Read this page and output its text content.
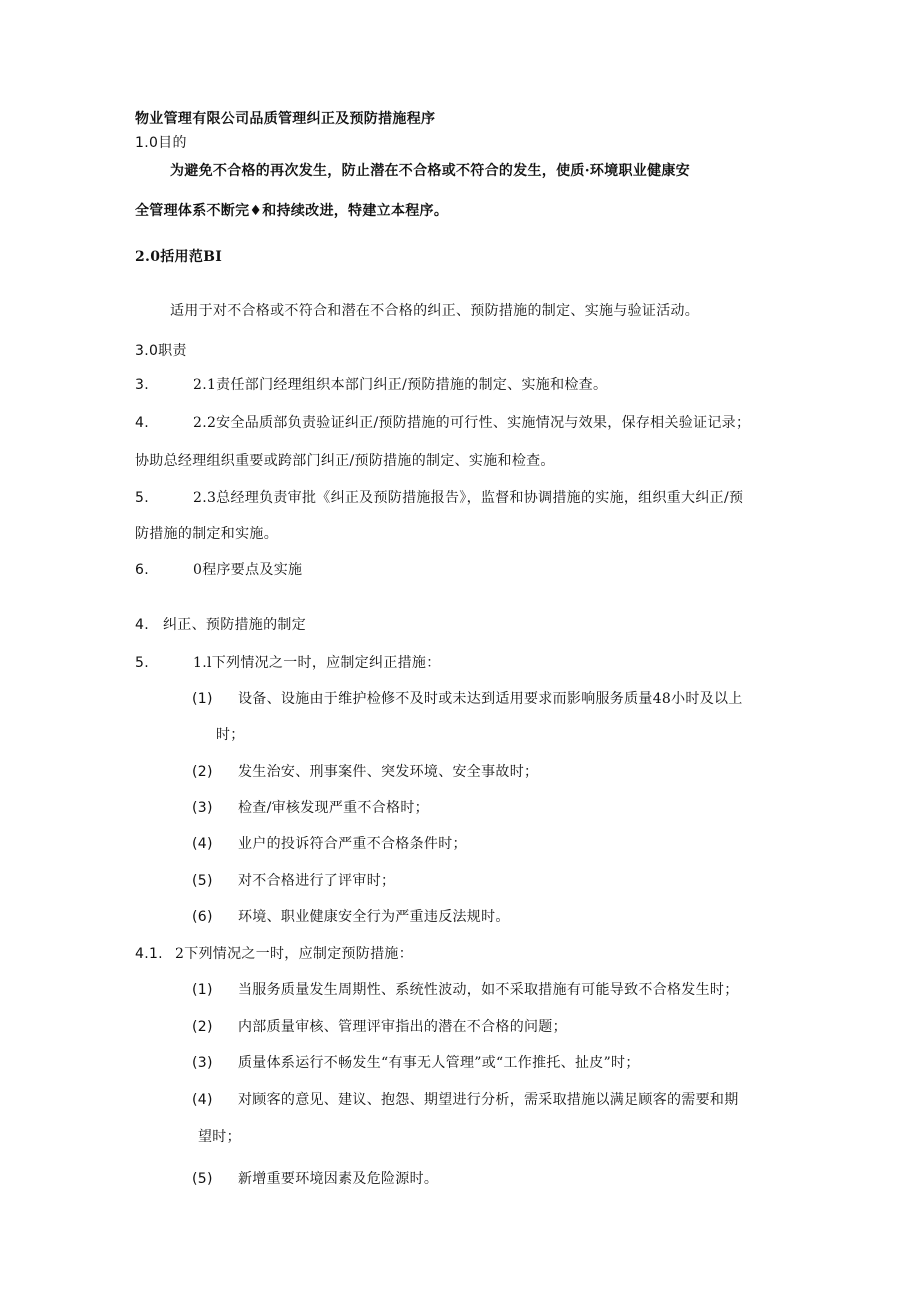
物业管理有限公司品质管理纠正及预防措施程序
1.0目的
为避免不合格的再次发生，防止潜在不合格或不符合的发生，使质·环境职业健康安
全管理体系不断完♦和持续改进，特建立本程序。
2.0括用范BI
适用于对不合格或不符合和潜在不合格的纠正、预防措施的制定、实施与验证活动。
3.0职责
3.	2.1责任部门经理组织本部门纠正/预防措施的制定、实施和检查。
4.	2.2安全品质部负责验证纠正/预防措施的可行性、实施情况与效果，保存相关验证记录；
协助总经理组织重要或跨部门纠正/预防措施的制定、实施和检查。
5.	2.3总经理负责审批《纠正及预防措施报告》，监督和协调措施的实施，组织重大纠正/预
防措施的制定和实施。
6.	0程序要点及实施
4. 纠正、预防措施的制定
5.	1.l下列情况之一时，应制定纠正措施：
(1) 设备、设施由于维护检修不及时或未达到适用要求而影响服务质量48小时及以上
时；
(2) 发生治安、刑事案件、突发环境、安全事故时；
(3) 检查/审核发现严重不合格时；
(4) 业户的投诉符合严重不合格条件时；
(5) 对不合格进行了评审时；
(6) 环境、职业健康安全行为严重违反法规时。
4.1. 2下列情况之一时，应制定预防措施：
(1) 当服务质量发生周期性、系统性波动，如不采取措施有可能导致不合格发生时；
(2) 内部质量审核、管理评审指出的潜在不合格的问题；
(3) 质量体系运行不畅发生“有事无人管理”或“工作推托、扯皮”时；
(4) 对顾客的意见、建议、抱怨、期望进行分析，需采取措施以满足顾客的需要和期
望时；
(5) 新增重要环境因素及危险源时。
